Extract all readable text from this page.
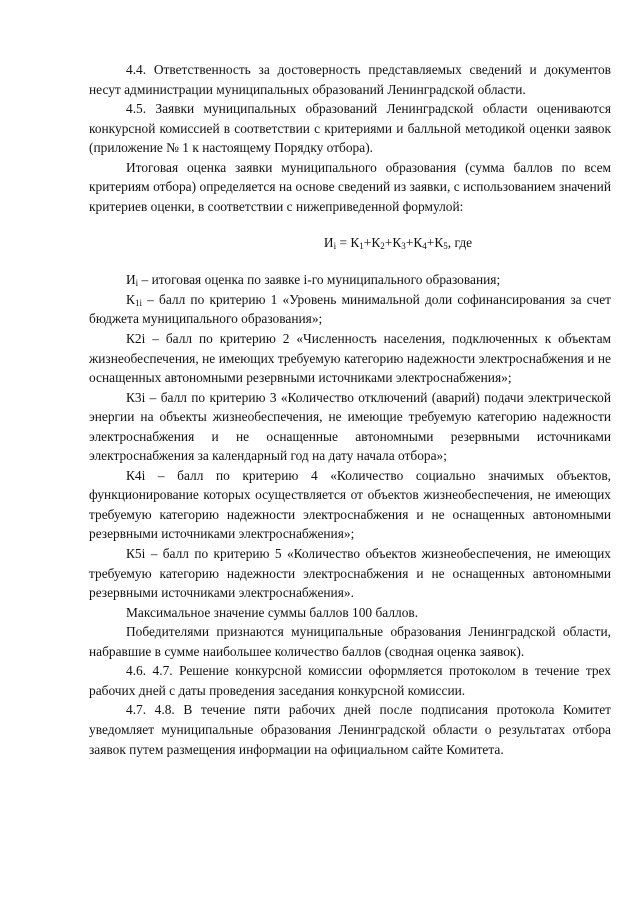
4.4. Ответственность за достоверность представляемых сведений и документов несут администрации муниципальных образований Ленинградской области.

4.5. Заявки муниципальных образований Ленинградской области оцениваются конкурсной комиссией в соответствии с критериями и балльной методикой оценки заявок (приложение № 1 к настоящему Порядку отбора).

Итоговая оценка заявки муниципального образования (сумма баллов по всем критериям отбора) определяется на основе сведений из заявки, с использованием значений критериев оценки, в соответствии с нижеприведенной формулой:

$И_i = К_1+К_2+К_3+К_4+К_5$, где

$И_i$ – итоговая оценка по заявке i-го муниципального образования;

$К_{1i}$ – балл по критерию 1 «Уровень минимальной доли софинансирования за счет бюджета муниципального образования»;

К2i – балл по критерию 2 «Численность населения, подключенных к объектам жизнеобеспечения, не имеющих требуемую категорию надежности электроснабжения и не оснащенных автономными резервными источниками электроснабжения»;

К3i – балл по критерию 3 «Количество отключений (аварий) подачи электрической энергии на объекты жизнеобеспечения, не имеющие требуемую категорию надежности электроснабжения и не оснащенные автономными резервными источниками электроснабжения за календарный год на дату начала отбора»;

К4i – балл по критерию 4 «Количество социально значимых объектов, функционирование которых осуществляется от объектов жизнеобеспечения, не имеющих требуемую категорию надежности электроснабжения и не оснащенных автономными резервными источниками электроснабжения»;

К5i – балл по критерию 5 «Количество объектов жизнеобеспечения, не имеющих требуемую категорию надежности электроснабжения и не оснащенных автономными резервными источниками электроснабжения».

Максимальное значение суммы баллов 100 баллов.

Победителями признаются муниципальные образования Ленинградской области, набравшие в сумме наибольшее количество баллов (сводная оценка заявок).

4.6. 4.7. Решение конкурсной комиссии оформляется протоколом в течение трех рабочих дней с даты проведения заседания конкурсной комиссии.

4.7. 4.8. В течение пяти рабочих дней после подписания протокола Комитет уведомляет муниципальные образования Ленинградской области о результатах отбора заявок путем размещения информации на официальном сайте Комитета.
